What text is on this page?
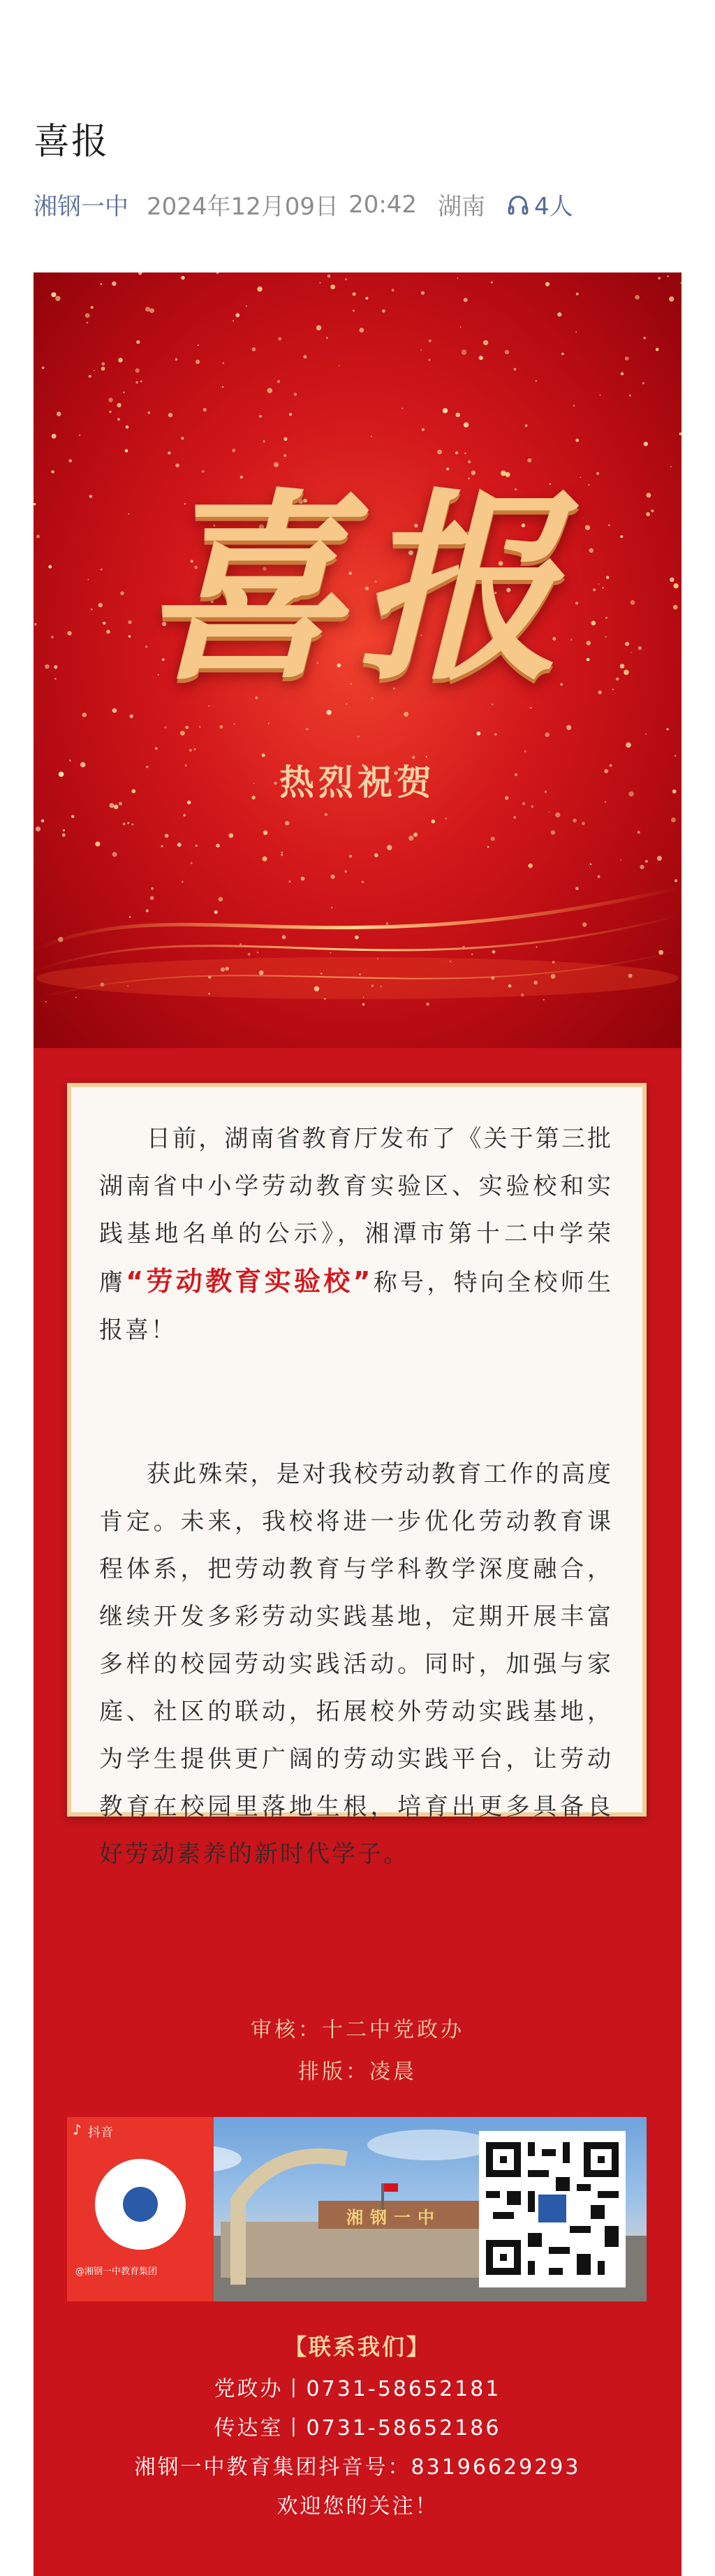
喜报
湘钢一中 2024年12月09日 20:42 湖南 4人
喜报
热烈祝贺

日前，湖南省教育厅发布了《关于第三批湖南省中小学劳动教育实验区、实验校和实践基地名单的公示》，湘潭市第十二中学荣膺“劳动教育实验校”称号，特向全校师生报喜！

获此殊荣，是对我校劳动教育工作的高度肯定。未来，我校将进一步优化劳动教育课程体系，把劳动教育与学科教学深度融合，继续开发多彩劳动实践基地，定期开展丰富多样的校园劳动实践活动。同时，加强与家庭、社区的联动，拓展校外劳动实践基地，为学生提供更广阔的劳动实践平台，让劳动教育在校园里落地生根，培育出更多具备良好劳动素养的新时代学子。

审核：十二中党政办
排版：凌晨
♪ 抖音
@湘钢一中教育集团
湘钢一中
【联系我们】
党政办丨0731-58652181
传达室丨0731-58652186
湘钢一中教育集团抖音号：83196629293
欢迎您的关注！
